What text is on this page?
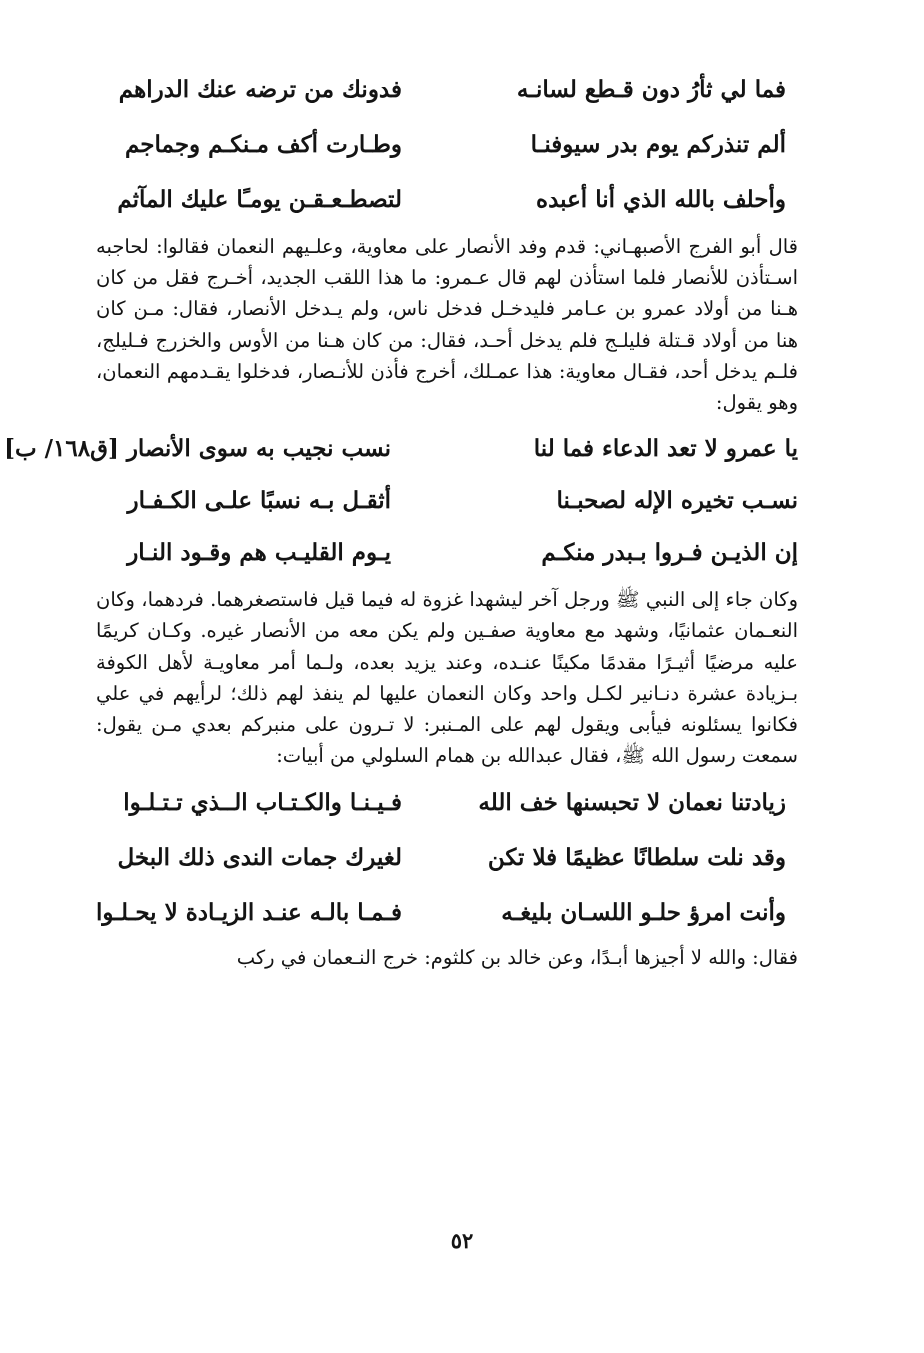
فما لي ثأرُ دون قـطع لسانـه
فدونك من ترضه عنك الدراهم
ألم تنذركم يوم بدر سيوفنـا
وطـارت أكف مـنكـم وجماجم
وأحلف بالله الذي أنا أعبده
لتصطـعـقـن يومـًا عليك المآثم

قال أبو الفرج الأصبهـاني: قدم وفد الأنصار على معاوية، وعلـيهم النعمان فقالوا: لحاجبه اسـتأذن للأنصار فلما استأذن لهم قال عـمرو: ما هذا اللقب الجديد، أخـرج فقل من كان هـنا من أولاد عمرو بن عـامر فليدخـل فدخل ناس، ولم يـدخل الأنصار، فقال: مـن كان هنا من أولاد قـتلة فليلـج فلم يدخل أحـد، فقال: من كان هـنا من الأوس والخزرج فـليلج، فلـم يدخل أحد، فقـال معاوية: هذا عمـلك، أخرج فأذن للأنـصار، فدخلوا يقـدمهم النعمان، وهو يقول:

يا عمرو لا تعد الدعاء فما لنا
نسب نجيب به سوى الأنصار [ق١٦٨/ ب]
نسـب تخيره الإله لصحبـنا
أثقـل بـه نسبًا علـى الكـفـار
إن الذيـن فـروا بـبدر منكـم
يـوم القليـب هم وقـود النـار

وكان جاء إلى النبي ﷺ ورجل آخر ليشهدا غزوة له فيما قيل فاستصغرهما. فردهما، وكان النعـمان عثمانيًا، وشهد مع معاوية صفـين ولم يكن معه من الأنصار غيره. وكـان كريمًا عليه مرضيًا أثيـرًا مقدمًا مكينًا عنـده، وعند يزيد بعده، ولـما أمر معاويـة لأهل الكوفة بـزيادة عشرة دنـانير لكـل واحد وكان النعمان عليها لم ينفذ لهم ذلك؛ لرأيهم في علي فكانوا يسئلونه فيأبى ويقول لهم على المـنبر: لا تـرون على منبركم بعدي مـن يقول: سمعت رسول الله ﷺ، فقال عبدالله بن همام السلولي من أبيات:

زيادتنا نعمان لا تحبسنها خف الله
فـيـنـا والكـتـاب الــذي تـتـلـوا
وقد نلت سلطانًا عظيمًا فلا تكن
لغيرك جمات الندى ذلك البخل
وأنت امرؤ حلـو اللسـان بليغـه
فـمـا بالـه عنـد الزيـادة لا يحـلـوا

فقال: والله لا أجيزها أبـدًا، وعن خالد بن كلثوم: خرج النـعمان في ركب

٥٢
